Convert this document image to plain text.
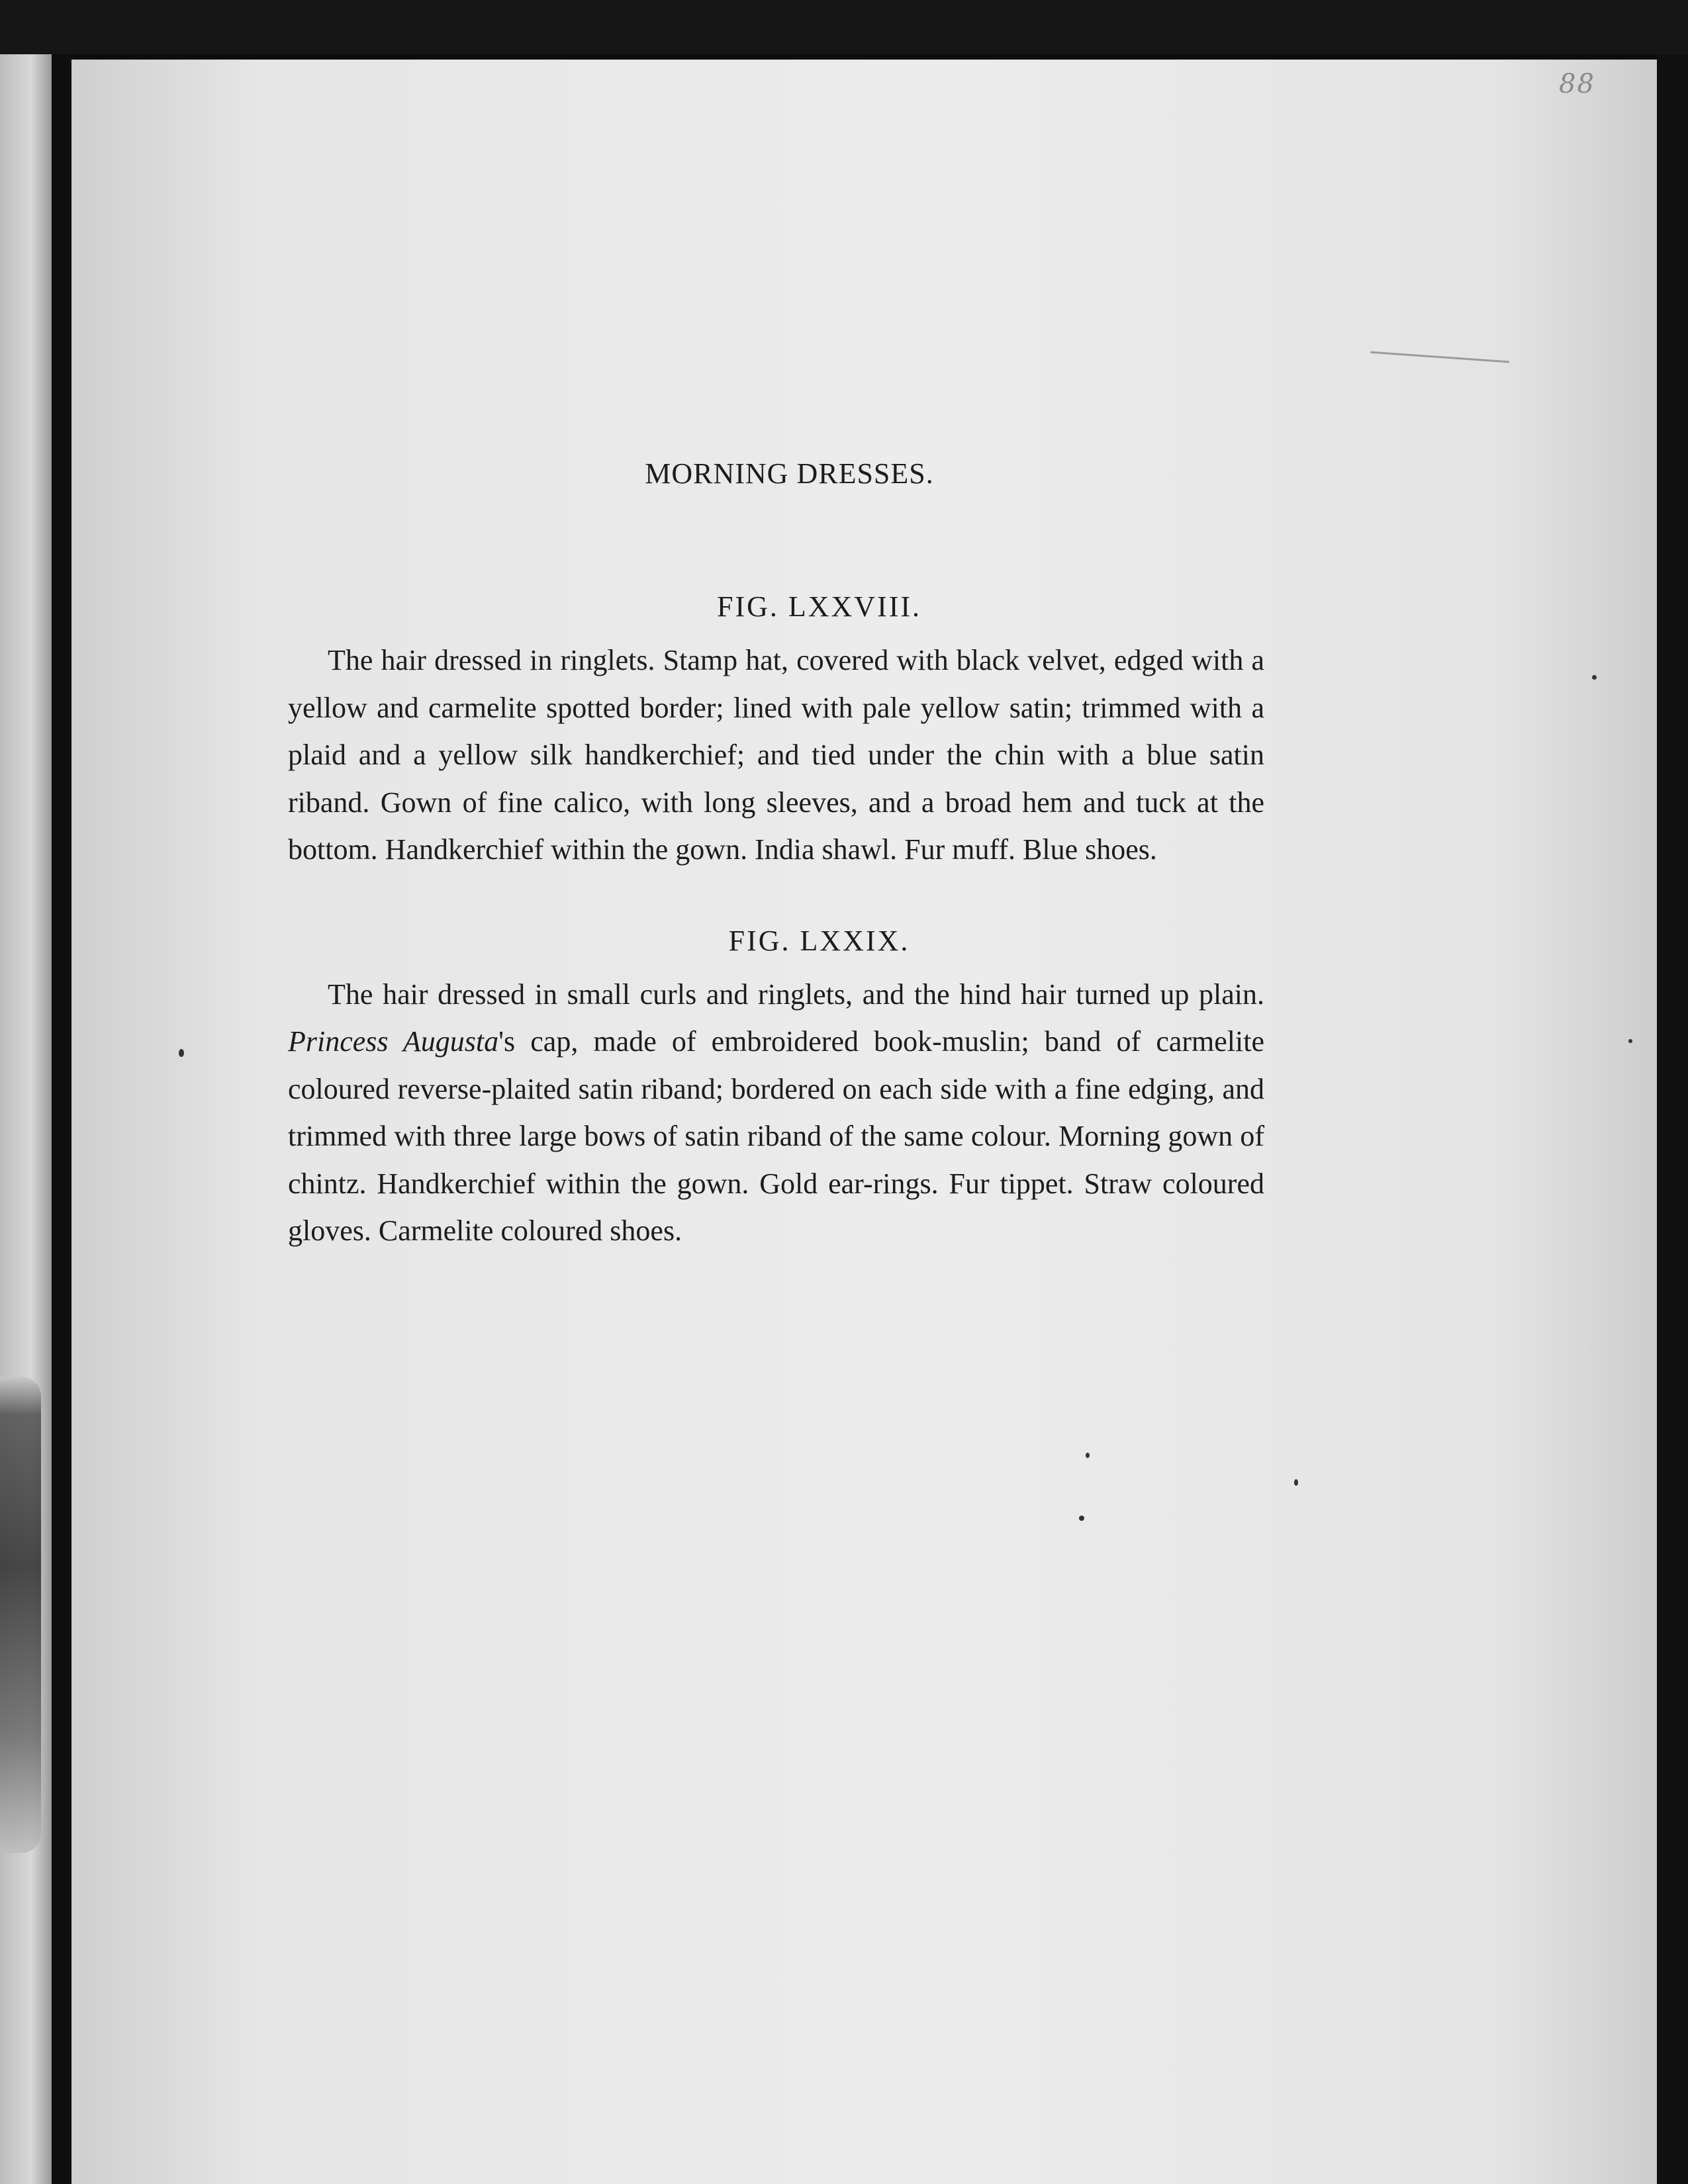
88
MORNING DRESSES.
FIG. LXXVIII.

The hair dressed in ringlets. Stamp hat, covered with black velvet, edged with a yellow and carmelite spotted border; lined with pale yellow satin; trimmed with a plaid and a yellow silk handkerchief; and tied under the chin with a blue satin riband. Gown of fine calico, with long sleeves, and a broad hem and tuck at the bottom. Handkerchief within the gown. India shawl. Fur muff. Blue shoes.

FIG. LXXIX.

The hair dressed in small curls and ringlets, and the hind hair turned up plain. Princess Augusta's cap, made of embroidered book-muslin; band of carmelite coloured reverse-plaited satin riband; bordered on each side with a fine edging, and trimmed with three large bows of satin riband of the same colour. Morning gown of chintz. Handkerchief within the gown. Gold ear-rings. Fur tippet. Straw coloured gloves. Carmelite coloured shoes.
